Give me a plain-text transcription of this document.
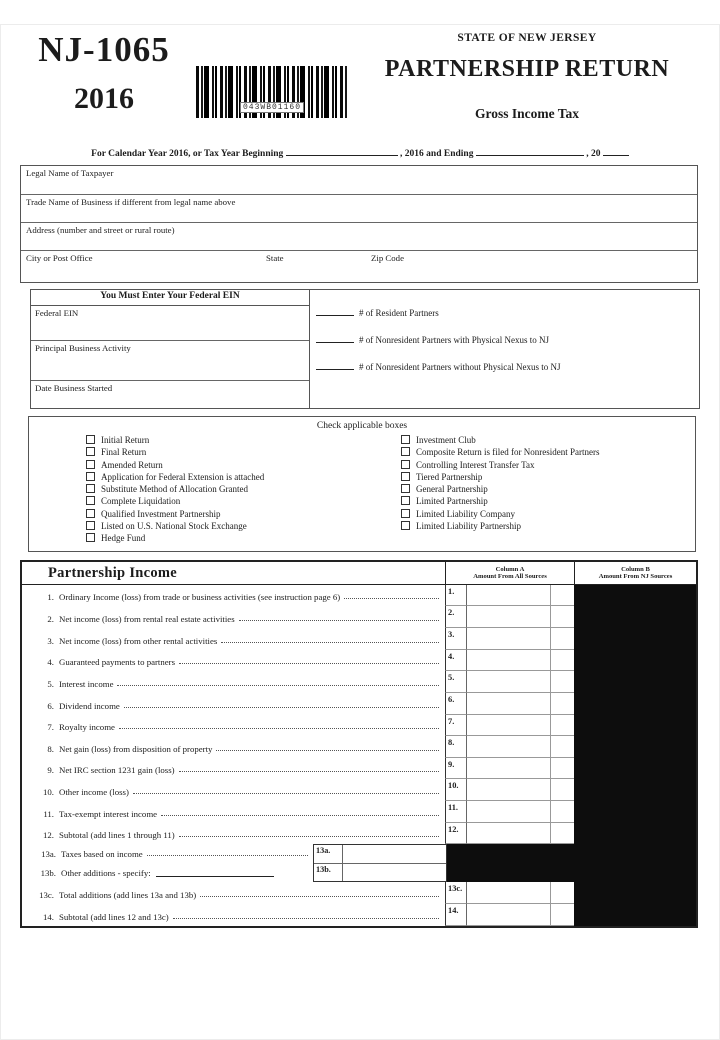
NJ-1065
2016	043WB01160
STATE OF NEW JERSEY
PARTNERSHIP RETURN
Gross Income Tax
For Calendar Year 2016, or Tax Year Beginning	, 2016 and Ending	, 20
Legal Name of Taxpayer
Trade Name of Business if different from legal name above
Address (number and street or rural route)
City or Post Office	State	Zip Code
You Must Enter Your Federal EIN
Federal EIN
Principal Business Activity
Date Business Started
# of Resident Partners
# of Nonresident Partners with Physical Nexus to NJ
# of Nonresident Partners without Physical Nexus to NJ
Check applicable boxes
Initial Return
Final Return
Amended Return
Application for Federal Extension is attached
Substitute Method of Allocation Granted
Complete Liquidation
Qualified Investment Partnership
Listed on U.S. National Stock Exchange
Hedge Fund
Investment Club
Composite Return is filed for Nonresident Partners
Controlling Interest Transfer Tax
Tiered Partnership
General Partnership
Limited Partnership
Limited Liability Company
Limited Liability Partnership
Partnership Income	Column A
Amount From All Sources
Column B
Amount From NJ Sources
1. Ordinary Income (loss) from trade or business activities (see instruction page 6)
1.
2. Net income (loss) from rental real estate activities
2.
3. Net income (loss) from other rental activities
3.
4. Guaranteed payments to partners
4.
5. Interest income
5.
6. Dividend income
6.
7. Royalty income
7.
8. Net gain (loss) from disposition of property
8.
9. Net IRC section 1231 gain (loss)
9.
10. Other income (loss)
10.
11. Tax-exempt interest income
11.
12. Subtotal (add lines 1 through 11)
12.
13a. Taxes based on income
13b. Other additions - specify:
13a.
13b.
13c. Total additions (add lines 13a and 13b)
13c.
14. Subtotal (add lines 12 and 13c)
14.
